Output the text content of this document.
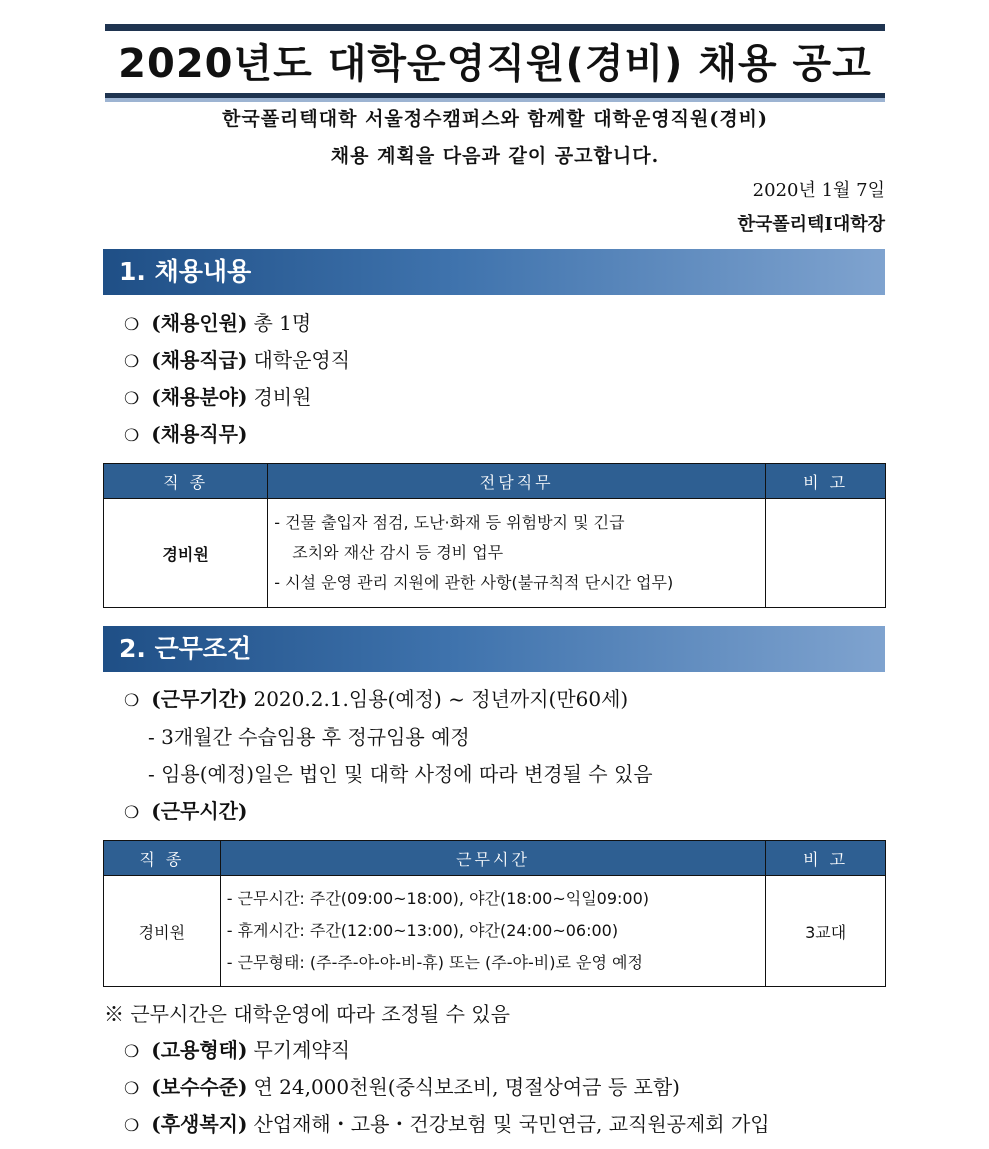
2020년도 대학운영직원(경비) 채용 공고
한국폴리텍대학 서울정수캠퍼스와 함께할 대학운영직원(경비)
채용 계획을 다음과 같이 공고합니다.
2020년 1월 7일
한국폴리텍I대학장
1. 채용내용
❍ (채용인원) 총 1명
❍ (채용직급) 대학운영직
❍ (채용분야) 경비원
❍ (채용직무)
직 종	전담직무	비 고
경비원	- 건물 출입자 점검, 도난·화재 등 위험방지 및 긴급
조치와 재산 감시 등 경비 업무
- 시설 운영 관리 지원에 관한 사항(불규칙적 단시간 업무)	

2. 근무조건
❍ (근무기간) 2020.2.1.임용(예정) ~ 정년까지(만60세)
- 3개월간 수습임용 후 정규임용 예정
- 임용(예정)일은 법인 및 대학 사정에 따라 변경될 수 있음
❍ (근무시간)
직 종	근무시간	비 고
경비원	- 근무시간: 주간(09:00~18:00), 야간(18:00~익일09:00)
- 휴게시간: 주간(12:00~13:00), 야간(24:00~06:00)
- 근무형태: (주-주-야-야-비-휴) 또는 (주-야-비)로 운영 예정	3교대
※ 근무시간은 대학운영에 따라 조정될 수 있음
❍ (고용형태) 무기계약직
❍ (보수수준) 연 24,000천원(중식보조비, 명절상여금 등 포함)
❍ (후생복지) 산업재해・고용・건강보험 및 국민연금, 교직원공제회 가입
